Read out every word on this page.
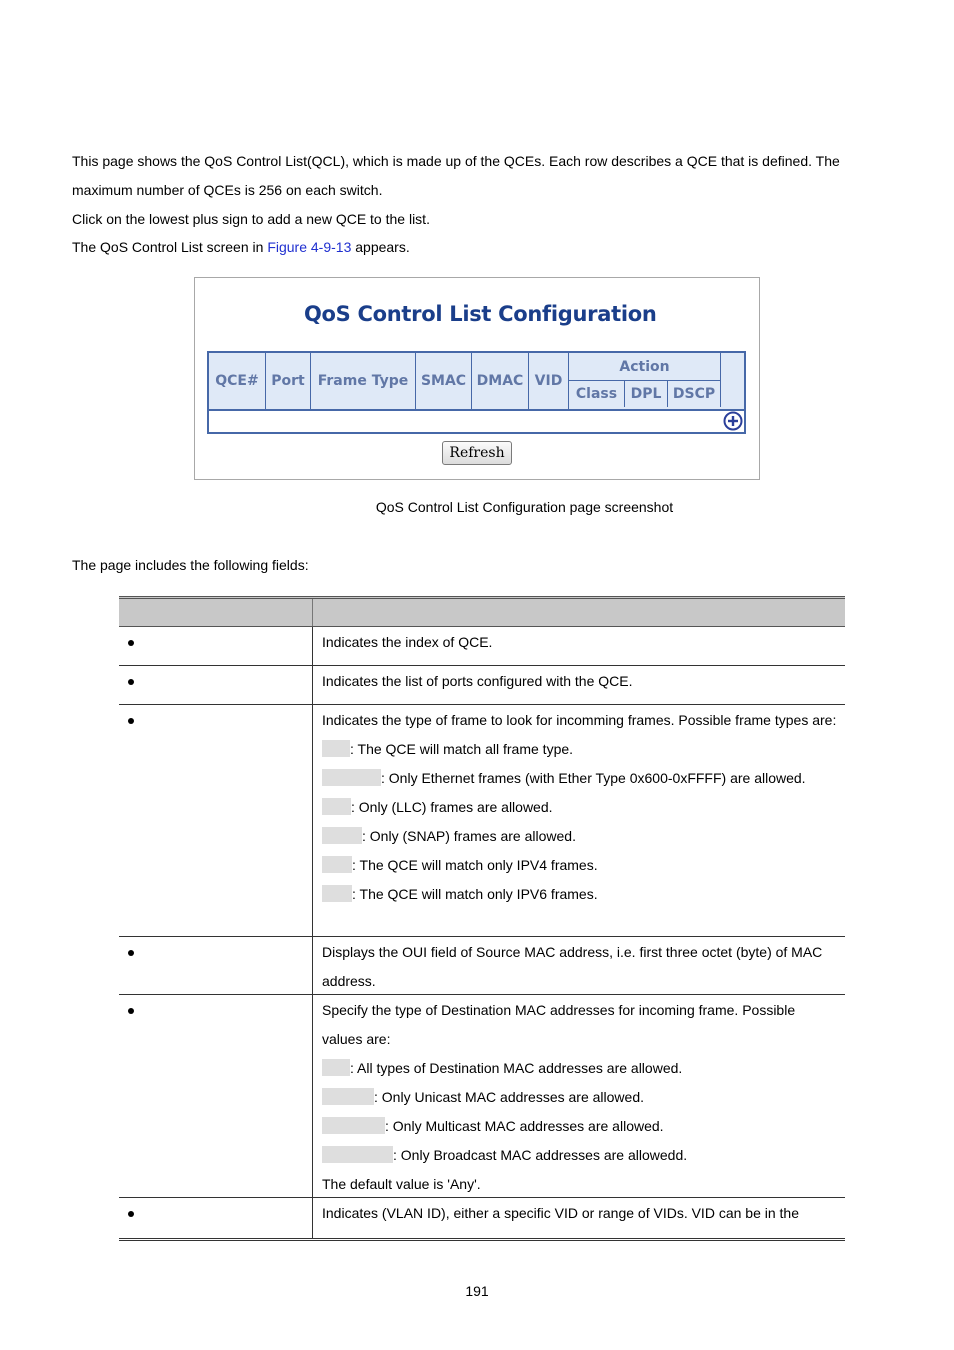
This page shows the QoS Control List(QCL), which is made up of the QCEs. Each row describes a QCE that is defined. The maximum number of QCEs is 256 on each switch.
Click on the lowest plus sign to add a new QCE to the list.
The QoS Control List screen in Figure 4-9-13 appears.
QoS Control List Configuration
QCE# Port Frame Type SMAC DMAC VID
Action
Class DPL DSCP
Refresh
QoS Control List Configuration page screenshot
The page includes the following fields:
Indicates the index of QCE.
Indicates the list of ports configured with the QCE.
Indicates the type of frame to look for incomming frames. Possible frame types are:
: The QCE will match all frame type.
: Only Ethernet frames (with Ether Type 0x600-0xFFFF) are allowed.
: Only (LLC) frames are allowed.
: Only (SNAP) frames are allowed.
: The QCE will match only IPV4 frames.
: The QCE will match only IPV6 frames.
Displays the OUI field of Source MAC address, i.e. first three octet (byte) of MAC address.
Specify the type of Destination MAC addresses for incoming frame. Possible values are:
: All types of Destination MAC addresses are allowed.
: Only Unicast MAC addresses are allowed.
: Only Multicast MAC addresses are allowed.
: Only Broadcast MAC addresses are allowedd.
The default value is 'Any'.
Indicates (VLAN ID), either a specific VID or range of VIDs. VID can be in the
191
